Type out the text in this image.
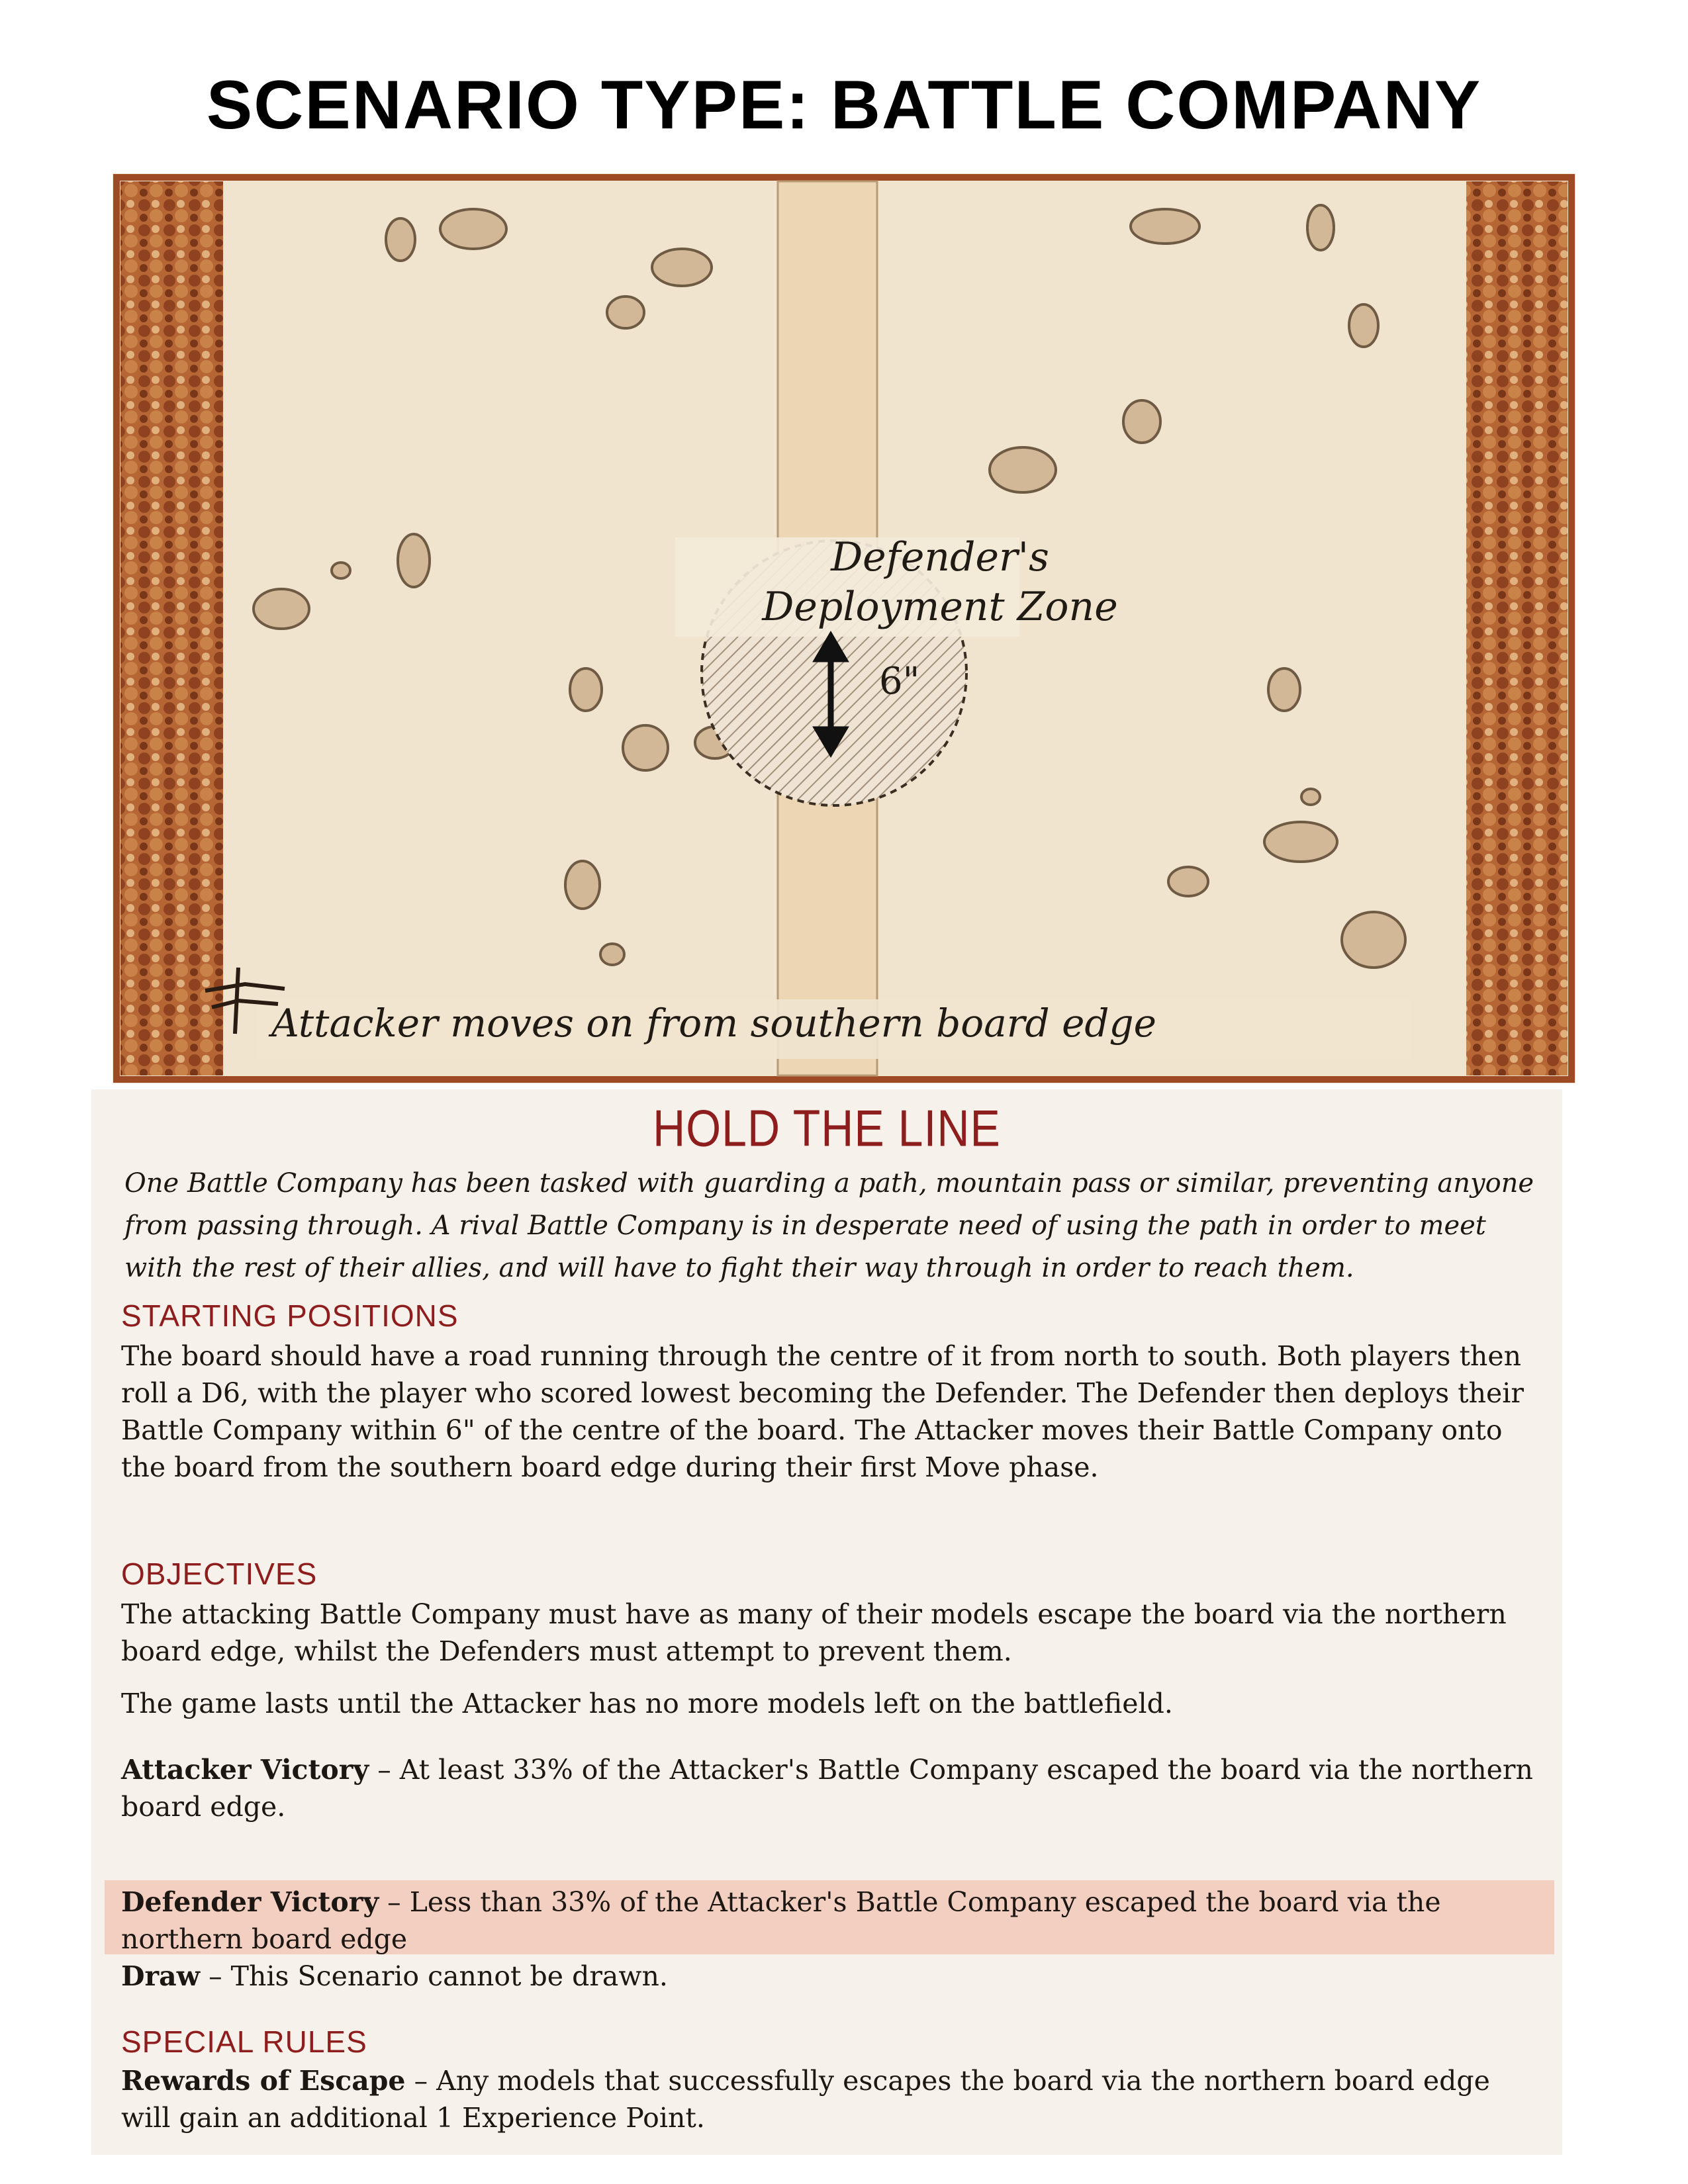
SCENARIO TYPE: BATTLE COMPANY
Defender's
Deployment Zone
6"
Attacker moves on from southern board edge
HOLD THE LINE
One Battle Company has been tasked with guarding a path, mountain pass or similar, preventing anyone from passing through. A rival Battle Company is in desperate need of using the path in order to meet with the rest of their allies, and will have to fight their way through in order to reach them.
STARTING POSITIONS
The board should have a road running through the centre of it from north to south. Both players then roll a D6, with the player who scored lowest becoming the Defender. The Defender then deploys their Battle Company within 6" of the centre of the board. The Attacker moves their Battle Company onto the board from the southern board edge during their first Move phase.
OBJECTIVES
The attacking Battle Company must have as many of their models escape the board via the northern board edge, whilst the Defenders must attempt to prevent them.
The game lasts until the Attacker has no more models left on the battlefield.
Attacker Victory – At least 33% of the Attacker's Battle Company escaped the board via the northern board edge.
Defender Victory – Less than 33% of the Attacker's Battle Company escaped the board via the northern board edge
Draw – This Scenario cannot be drawn.
SPECIAL RULES
Rewards of Escape – Any models that successfully escapes the board via the northern board edge will gain an additional 1 Experience Point.
